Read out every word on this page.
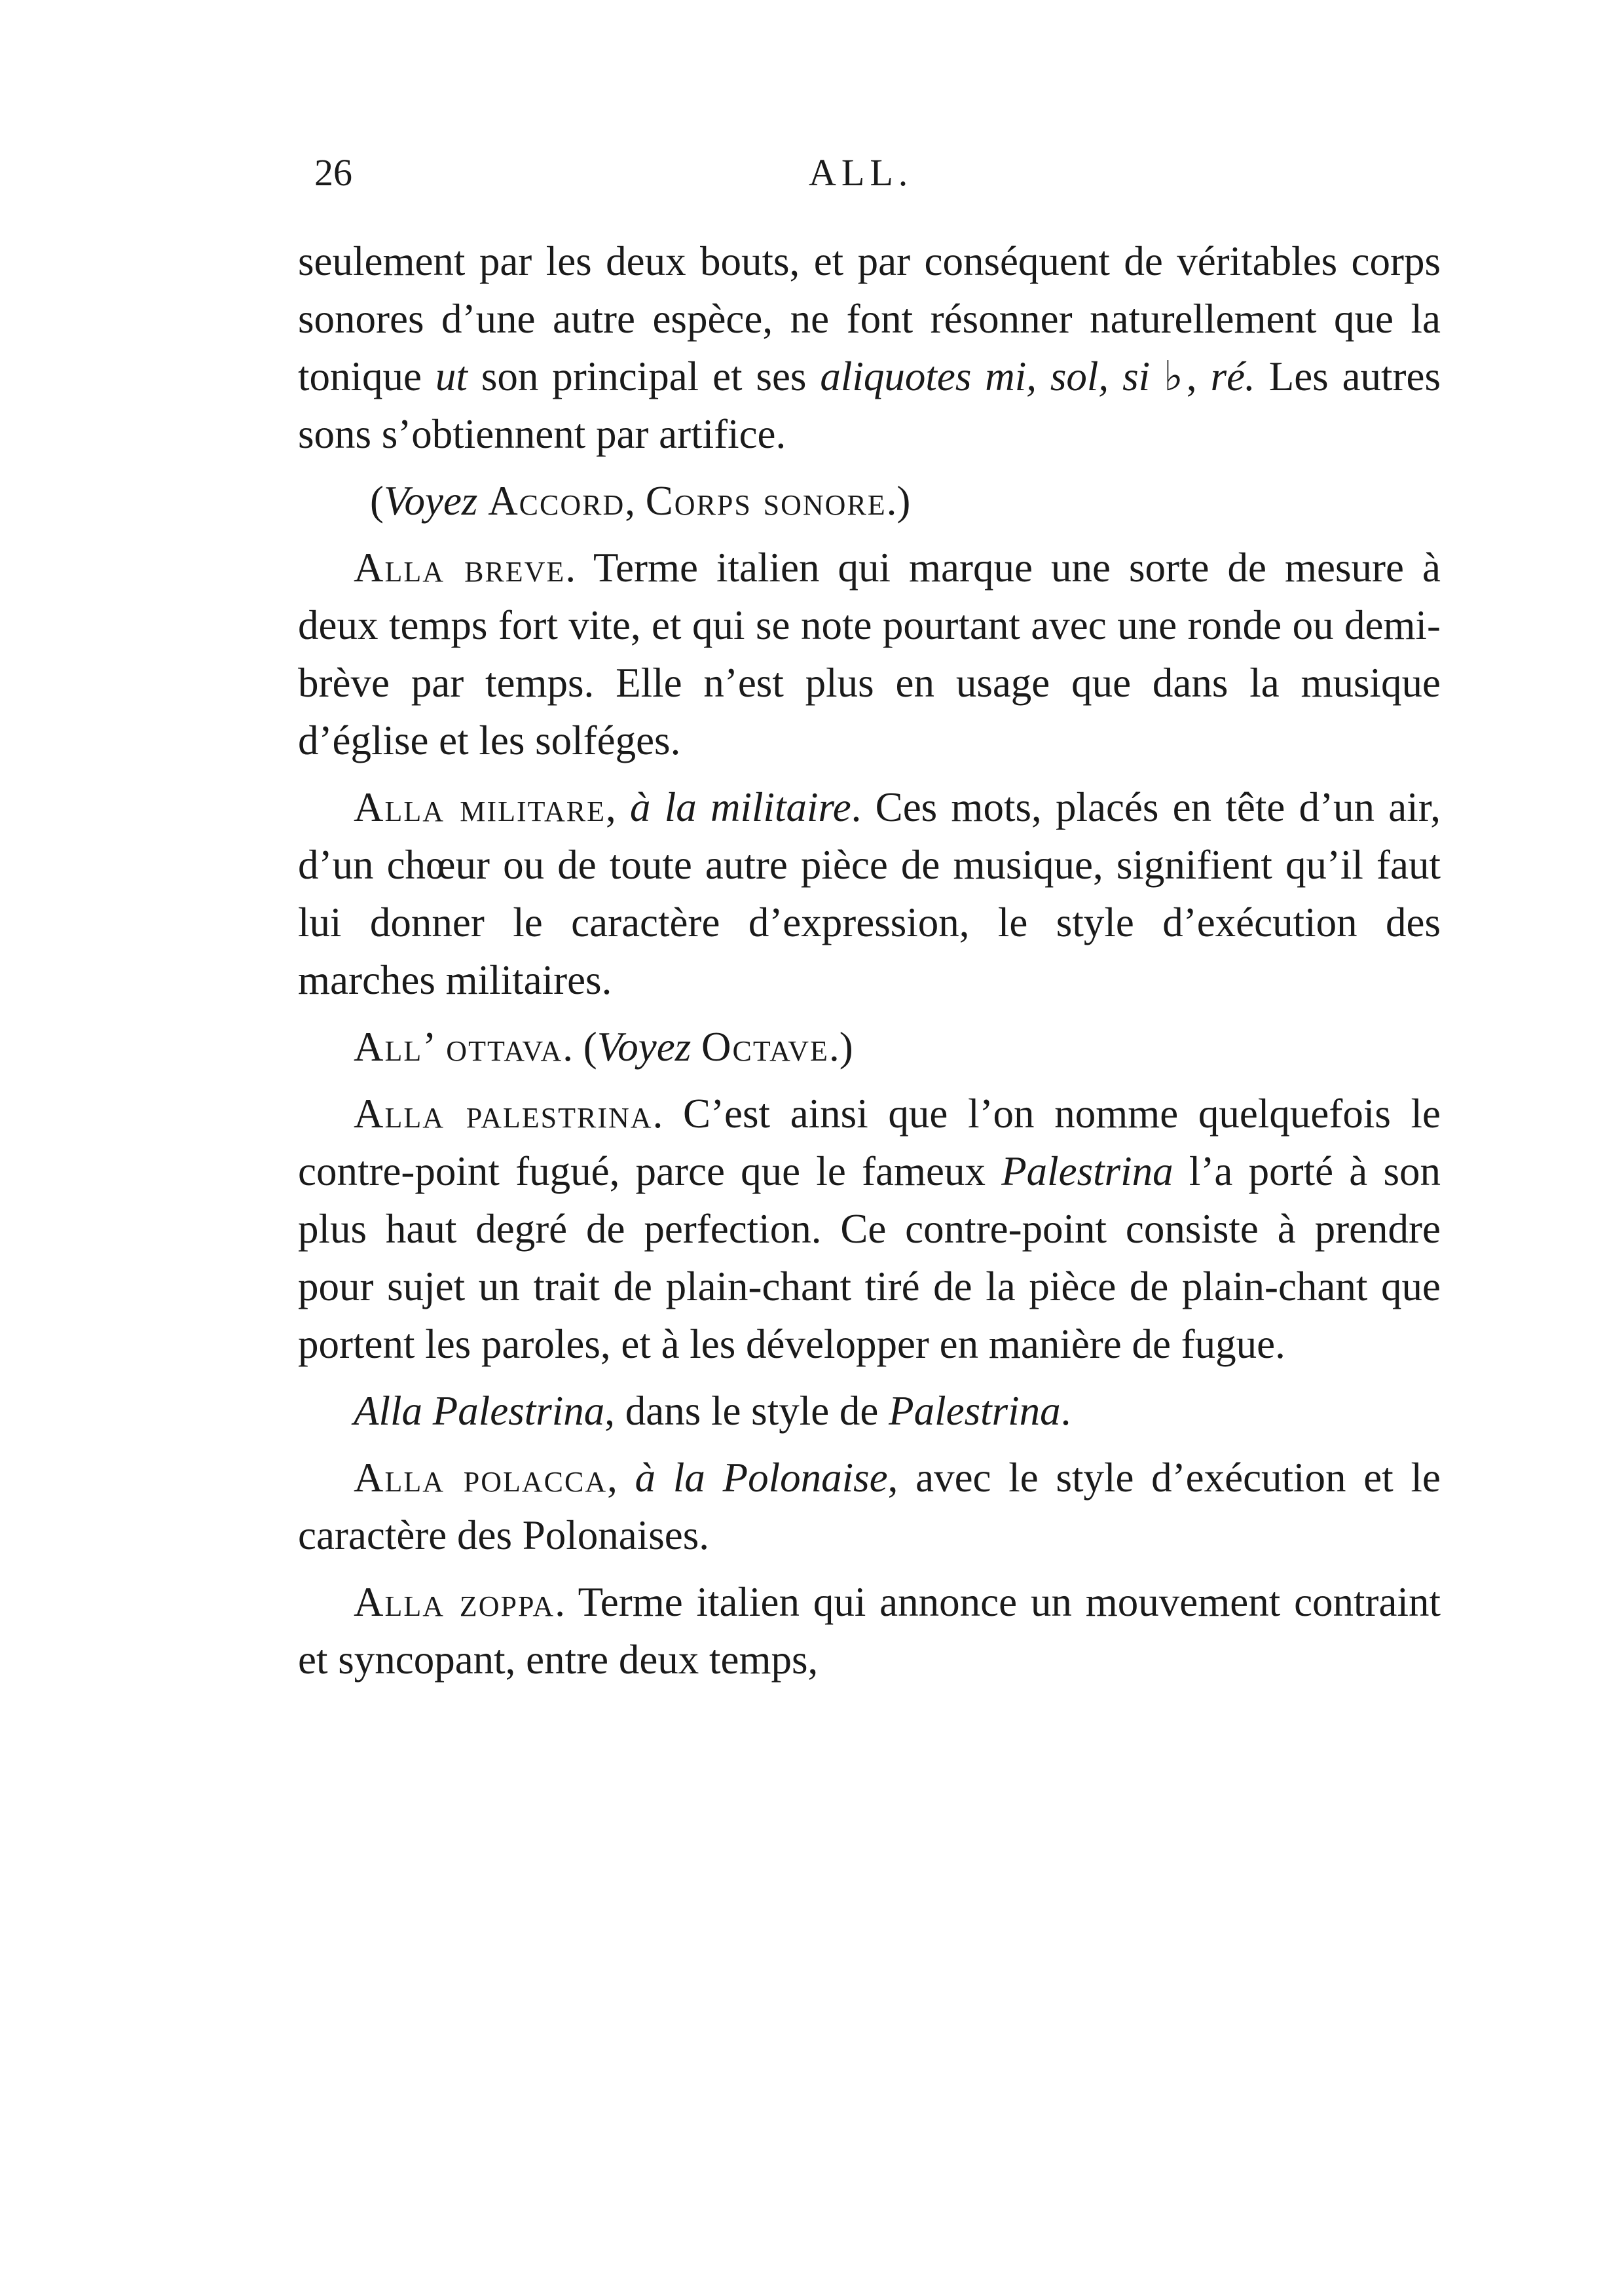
26	ALL.

seulement par les deux bouts, et par conséquent de véritables corps sonores d’une autre espèce, ne font résonner naturellement que la tonique ut son principal et ses aliquotes mi, sol, si ♭, ré. Les autres sons s’obtiennent par artifice.

(Voyez Accord, Corps sonore.)

Alla breve. Terme italien qui marque une sorte de mesure à deux temps fort vite, et qui se note pourtant avec une ronde ou demi-brève par temps. Elle n’est plus en usage que dans la musique d’église et les solféges.

Alla militare, à la militaire. Ces mots, placés en tête d’un air, d’un chœur ou de toute autre pièce de musique, signifient qu’il faut lui donner le caractère d’expression, le style d’exécution des marches militaires.

All’ ottava. (Voyez Octave.)

Alla palestrina. C’est ainsi que l’on nomme quelquefois le contre-point fugué, parce que le fameux Palestrina l’a porté à son plus haut degré de perfection. Ce contre-point consiste à prendre pour sujet un trait de plain-chant tiré de la pièce de plain-chant que portent les paroles, et à les développer en manière de fugue.

Alla Palestrina, dans le style de Palestrina.

Alla polacca, à la Polonaise, avec le style d’exécution et le caractère des Polonaises.

Alla zoppa. Terme italien qui annonce un mouvement contraint et syncopant, entre deux temps,
